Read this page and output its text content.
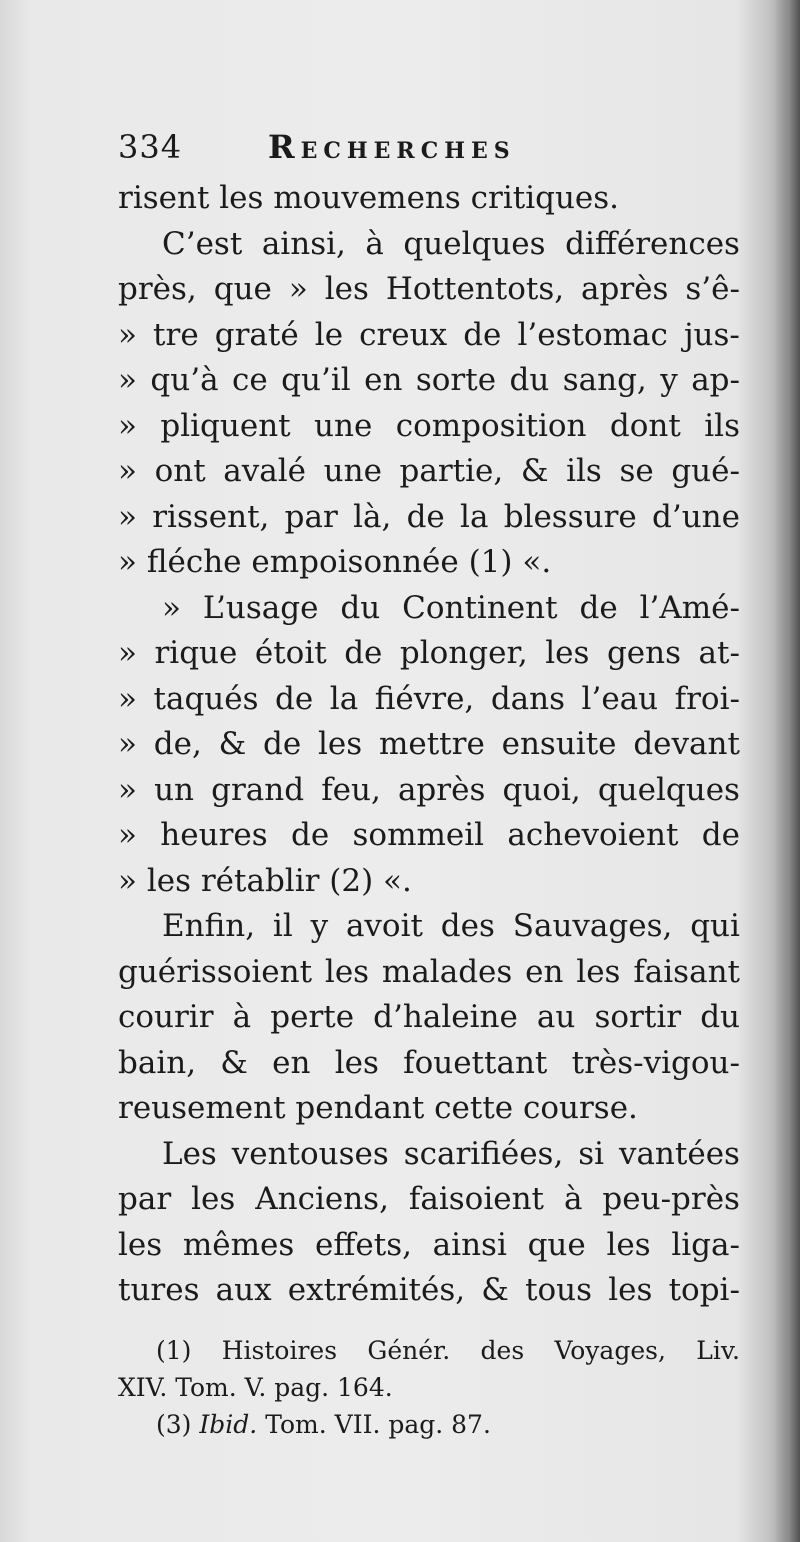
334	Recherches
risent les mouvemens critiques.
C’est ainsi, à quelques différences
près, que » les Hottentots, après s’ê-
» tre graté le creux de l’estomac jus-
» qu’à ce qu’il en sorte du sang, y ap-
» pliquent une composition dont ils
» ont avalé une partie, & ils se gué-
» rissent, par là, de la blessure d’une
» fléche empoisonnée (1) «.
» L’usage du Continent de l’Amé-
» rique étoit de plonger, les gens at-
» taqués de la fiévre, dans l’eau froi-
» de, & de les mettre ensuite devant
» un grand feu, après quoi, quelques
» heures de sommeil achevoient de
» les rétablir (2) «.
Enfin, il y avoit des Sauvages, qui
guérissoient les malades en les faisant
courir à perte d’haleine au sortir du
bain, & en les fouettant très-vigou-
reusement pendant cette course.
Les ventouses scarifiées, si vantées
par les Anciens, faisoient à peu-près
les mêmes effets, ainsi que les liga-
tures aux extrémités, & tous les topi-
(1) Histoires Génér. des Voyages, Liv.
XIV. Tom. V. pag. 164.
(3) Ibid. Tom. VII. pag. 87.
